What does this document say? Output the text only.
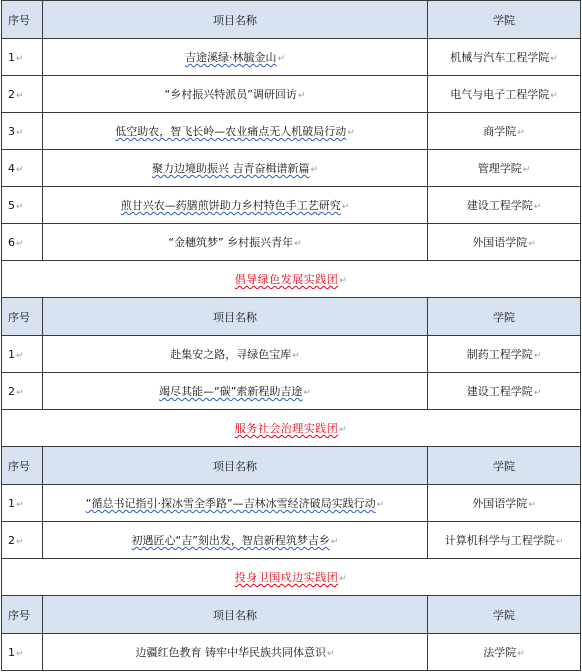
序号	项目名称	学院
1↵	吉途溪绿·林毓金山↵	机械与汽车工程学院↵
2↵	“乡村振兴特派员”调研回访↵	电气与电子工程学院↵
3↵	低空助农，智飞长岭—农业痛点无人机破局行动↵	商学院↵
4↵	聚力边境助振兴 吉青奋楫谱新篇↵	管理学院↵
5↵	煎甘兴农—药膳煎饼助力乡村特色手工艺研究↵	建设工程学院↵
6↵	“金穗筑梦” 乡村振兴青年↵	外国语学院↵
倡导绿色发展实践团↵		
序号	项目名称	学院
1↵	赴集安之路，寻绿色宝库↵	制药工程学院↵
2↵	竭尽其能—“碳”索新程助吉途↵	建设工程学院↵
服务社会治理实践团↵		
序号	项目名称	学院
1↵	“循总书记指引·探冰雪全季路”—吉林冰雪经济破局实践行动↵	外国语学院↵
2↵	初遇匠心“吉”刻出发，智启新程筑梦吉乡↵	计算机科学与工程学院↵
投身卫国戍边实践团↵		
序号	项目名称	学院
1↵	边疆红色教育 铸牢中华民族共同体意识↵	法学院↵
